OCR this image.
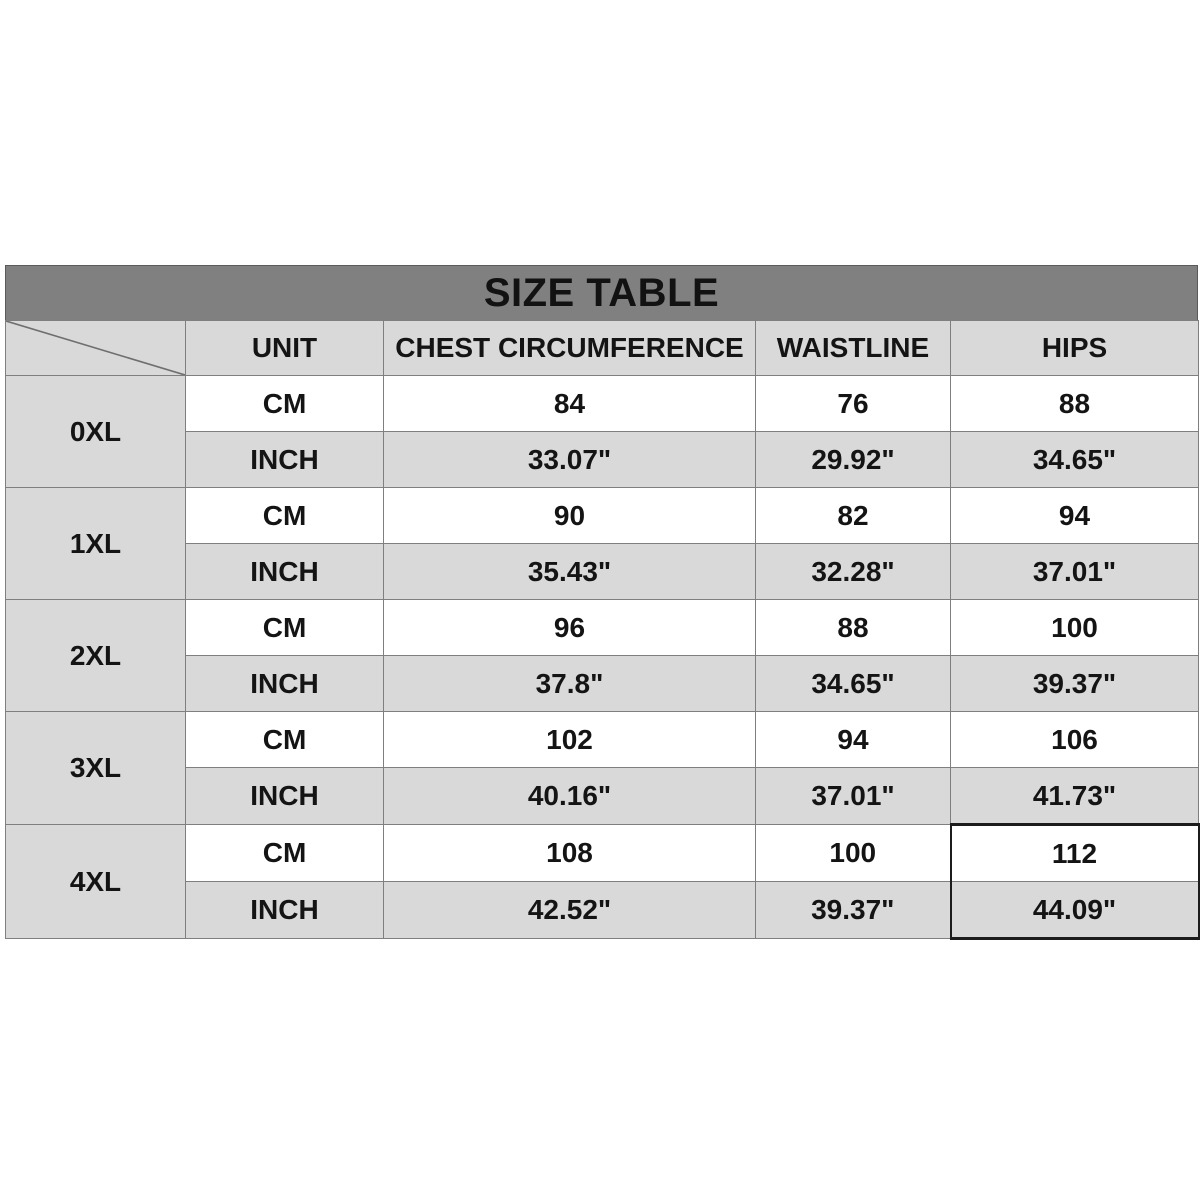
SIZE TABLE
	UNIT	CHEST CIRCUMFERENCE	WAISTLINE	HIPS
0XL	CM	84	76	88
	INCH	33.07"	29.92"	34.65"
1XL	CM	90	82	94
	INCH	35.43"	32.28"	37.01"
2XL	CM	96	88	100
	INCH	37.8"	34.65"	39.37"
3XL	CM	102	94	106
	INCH	40.16"	37.01"	41.73"
4XL	CM	108	100	112
	INCH	42.52"	39.37"	44.09"
